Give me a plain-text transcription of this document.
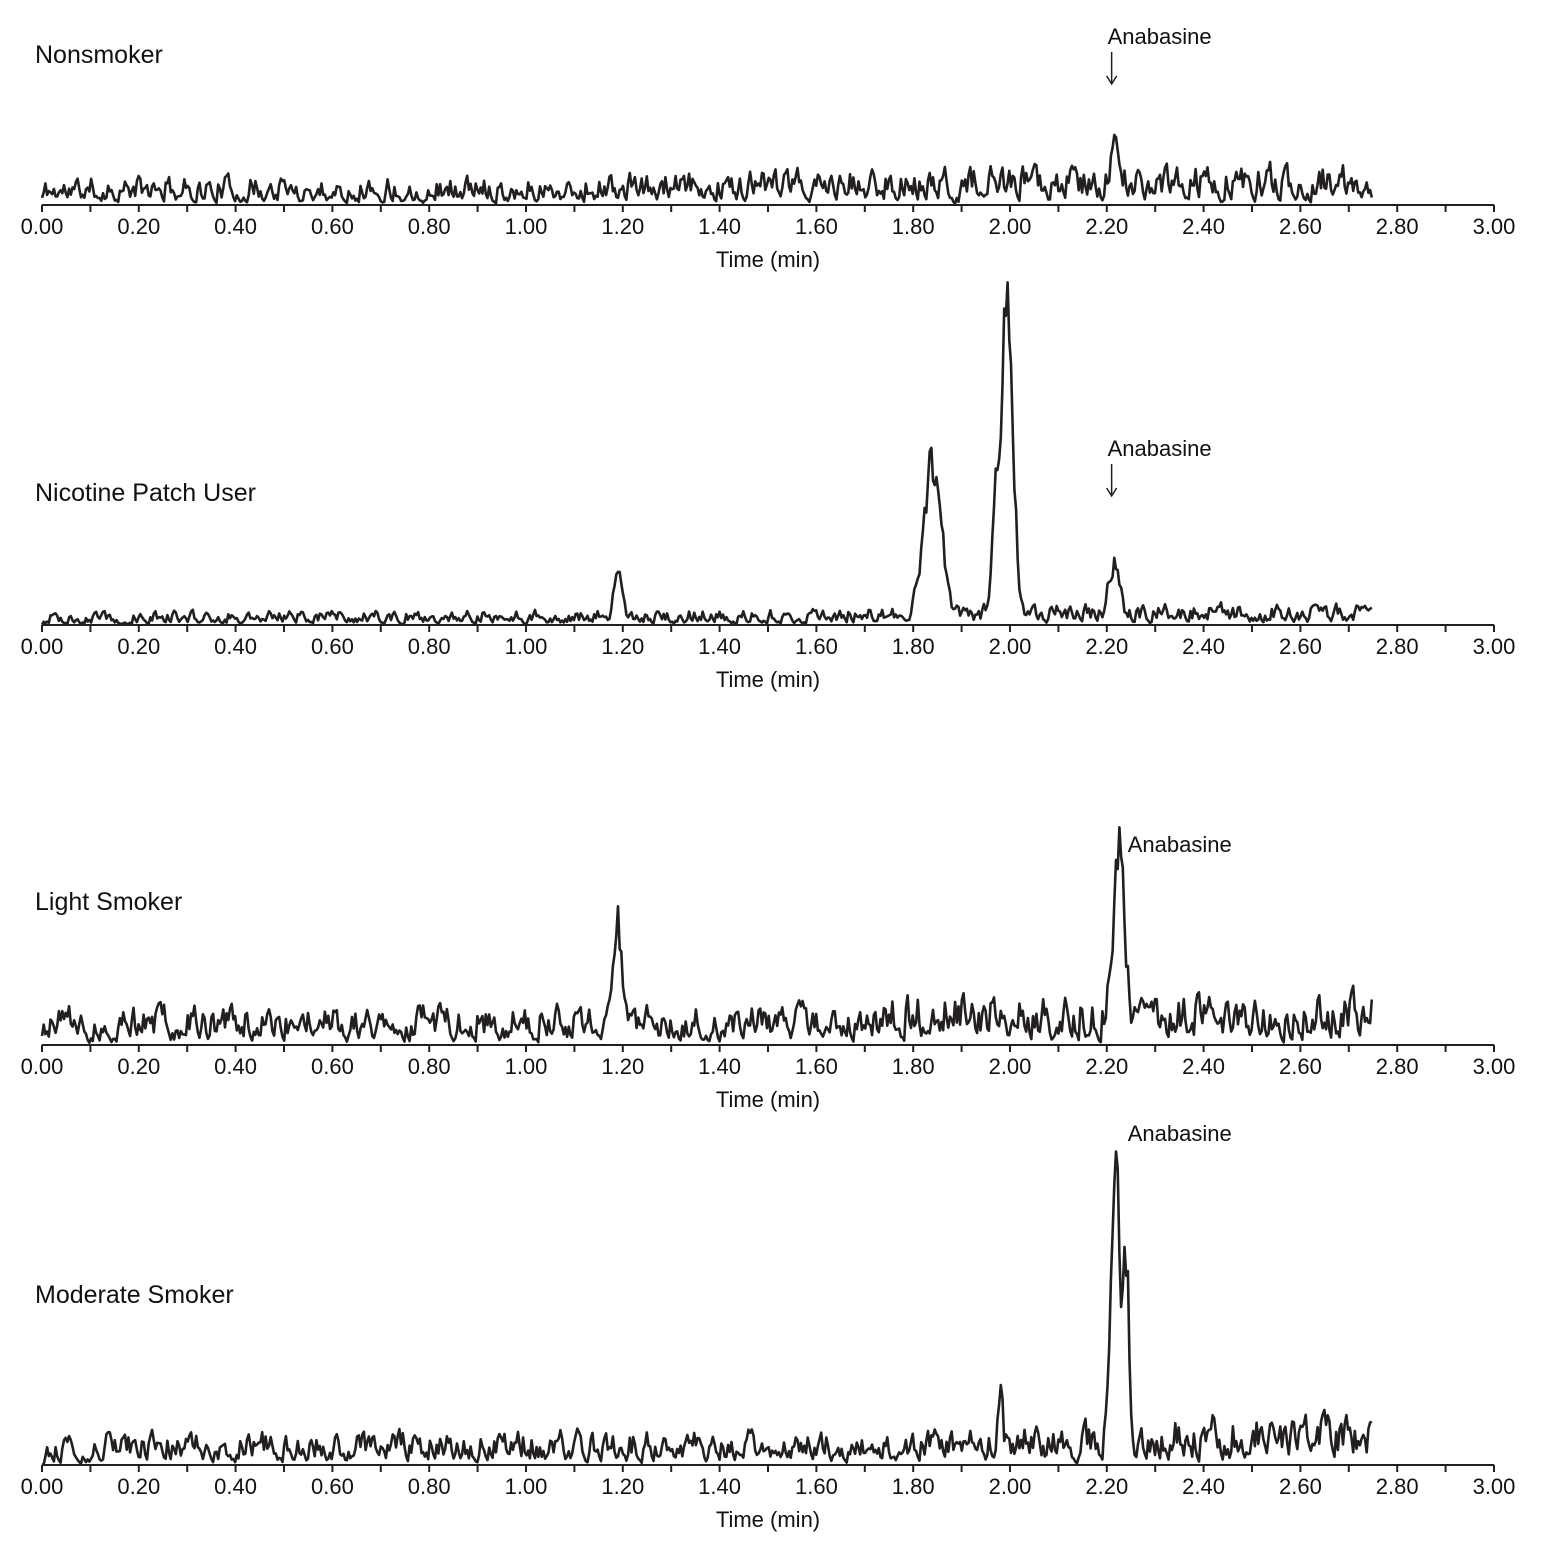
Nonsmoker
0.00 0.20 0.40 0.60 0.80 1.00 1.20 1.40 1.60 1.80 2.00 2.20 2.40 2.60 2.80 3.00
Time (min)
Anabasine
Nicotine Patch User
0.00 0.20 0.40 0.60 0.80 1.00 1.20 1.40 1.60 1.80 2.00 2.20 2.40 2.60 2.80 3.00
Time (min)
Anabasine
Light Smoker
0.00 0.20 0.40 0.60 0.80 1.00 1.20 1.40 1.60 1.80 2.00 2.20 2.40 2.60 2.80 3.00
Time (min)
Anabasine
Moderate Smoker
0.00 0.20 0.40 0.60 0.80 1.00 1.20 1.40 1.60 1.80 2.00 2.20 2.40 2.60 2.80 3.00
Time (min)
Anabasine
